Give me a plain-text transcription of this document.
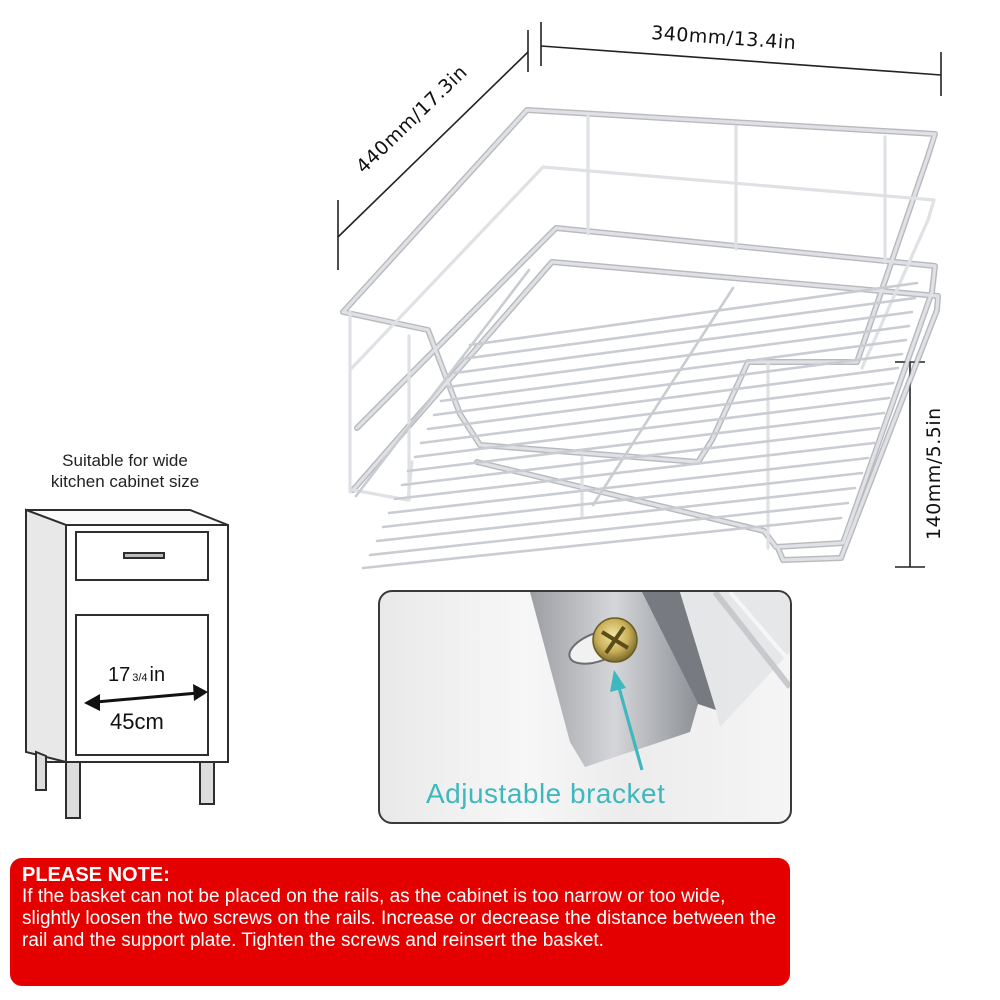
340mm/13.4in
440mm/17.3in
140mm/5.5in
Suitable for wide
kitchen cabinet size
17 3/4 in
45cm
Adjustable bracket
PLEASE NOTE:
If the basket can not be placed on the rails, as the cabinet is too narrow or too wide, slightly loosen the two screws on the rails. Increase or decrease the distance between the rail and the support plate. Tighten the screws and reinsert the basket.
